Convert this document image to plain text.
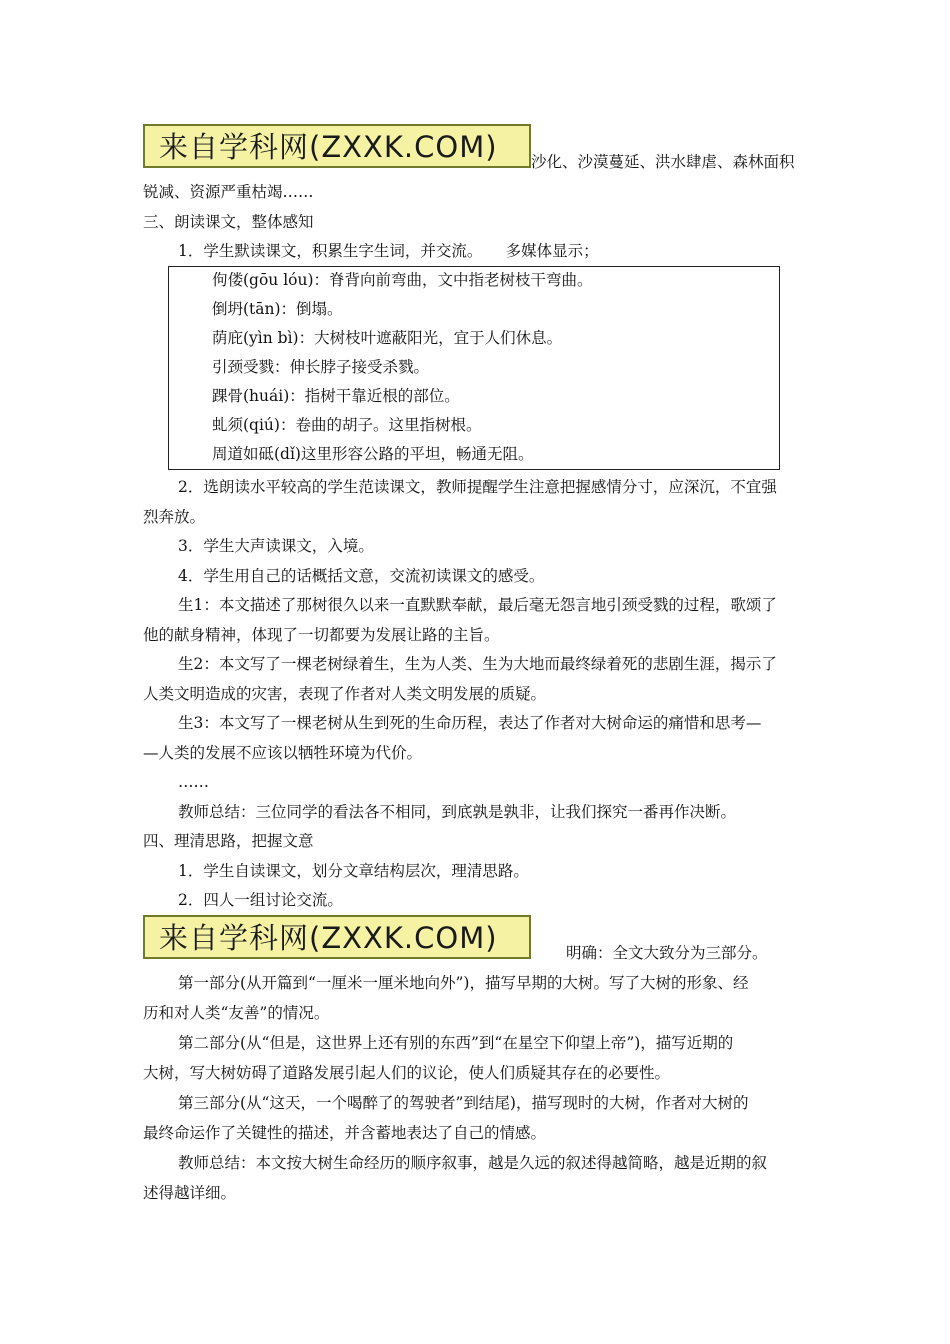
来自学科网(ZXXK.COM) 沙化、沙漠蔓延、洪水肆虐、森林面积
锐减、资源严重枯竭……
三、朗读课文，整体感知
1．学生默读课文，积累生字生词，并交流。　　多媒体显示；
佝偻(gōu lóu)：脊背向前弯曲，文中指老树枝干弯曲。
倒坍(tān)：倒塌。
荫庇(yìn bì)：大树枝叶遮蔽阳光，宜于人们休息。
引颈受戮：伸长脖子接受杀戮。
踝骨(huái)：指树干靠近根的部位。
虬须(qiú)：卷曲的胡子。这里指树根。
周道如砥(dǐ)这里形容公路的平坦，畅通无阻。
2．选朗读水平较高的学生范读课文，教师提醒学生注意把握感情分寸，应深沉，不宜强
烈奔放。
3．学生大声读课文，入境。
4．学生用自己的话概括文意，交流初读课文的感受。
生1：本文描述了那树很久以来一直默默奉献，最后毫无怨言地引颈受戮的过程，歌颂了
他的献身精神，体现了一切都要为发展让路的主旨。
生2：本文写了一棵老树绿着生，生为人类、生为大地而最终绿着死的悲剧生涯，揭示了
人类文明造成的灾害，表现了作者对人类文明发展的质疑。
生3：本文写了一棵老树从生到死的生命历程，表达了作者对大树命运的痛惜和思考—
—人类的发展不应该以牺牲环境为代价。
……
教师总结：三位同学的看法各不相同，到底孰是孰非，让我们探究一番再作决断。
四、理清思路，把握文意
1．学生自读课文，划分文章结构层次，理清思路。
2．四人一组讨论交流。
来自学科网(ZXXK.COM)	明确：全文大致分为三部分。
第一部分(从开篇到“一厘米一厘米地向外”)，描写早期的大树。写了大树的形象、经
历和对人类“友善”的情况。
第二部分(从“但是，这世界上还有别的东西”到“在星空下仰望上帝”)，描写近期的
大树，写大树妨碍了道路发展引起人们的议论，使人们质疑其存在的必要性。
第三部分(从“这天，一个喝醉了的驾驶者”到结尾)，描写现时的大树，作者对大树的
最终命运作了关键性的描述，并含蓄地表达了自己的情感。
教师总结：本文按大树生命经历的顺序叙事，越是久远的叙述得越简略，越是近期的叙
述得越详细。
